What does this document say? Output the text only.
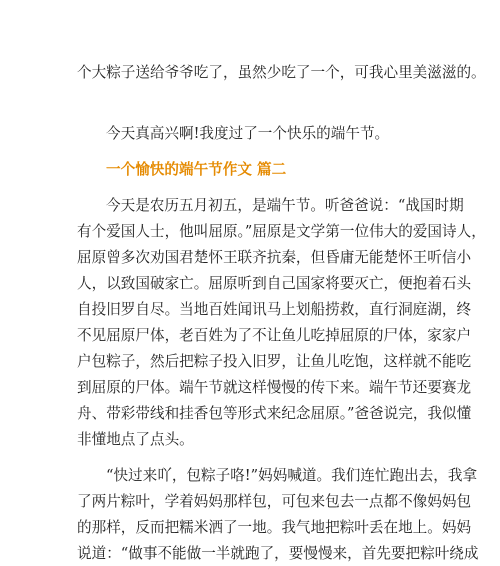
个大粽子送给爷爷吃了，虽然少吃了一个，可我心里美滋滋的。
今天真高兴啊!我度过了一个快乐的端午节。
一个愉快的端午节作文 篇二
今天是农历五月初五，是端午节。听爸爸说：“战国时期
有个爱国人士，他叫屈原。”屈原是文学第一位伟大的爱国诗人，
屈原曾多次劝国君楚怀王联齐抗秦，但昏庸无能楚怀王听信小
人，以致国破家亡。屈原听到自己国家将要灭亡，便抱着石头
自投旧罗自尽。当地百姓闻讯马上划船捞救，直行洞庭湖，终
不见屈原尸体，老百姓为了不让鱼儿吃掉屈原的尸体，家家户
户包粽子，然后把粽子投入旧罗，让鱼儿吃饱，这样就不能吃
到屈原的尸体。端午节就这样慢慢的传下来。端午节还要赛龙
舟、带彩带线和挂香包等形式来纪念屈原。”爸爸说完，我似懂
非懂地点了点头。
“快过来吖，包粽子咯!”妈妈喊道。我们连忙跑出去，我拿
了两片粽叶，学着妈妈那样包，可包来包去一点都不像妈妈包
的那样，反而把糯米洒了一地。我气地把粽叶丢在地上。妈妈
说道：“做事不能做一半就跑了，要慢慢来，首先要把粽叶绕成
